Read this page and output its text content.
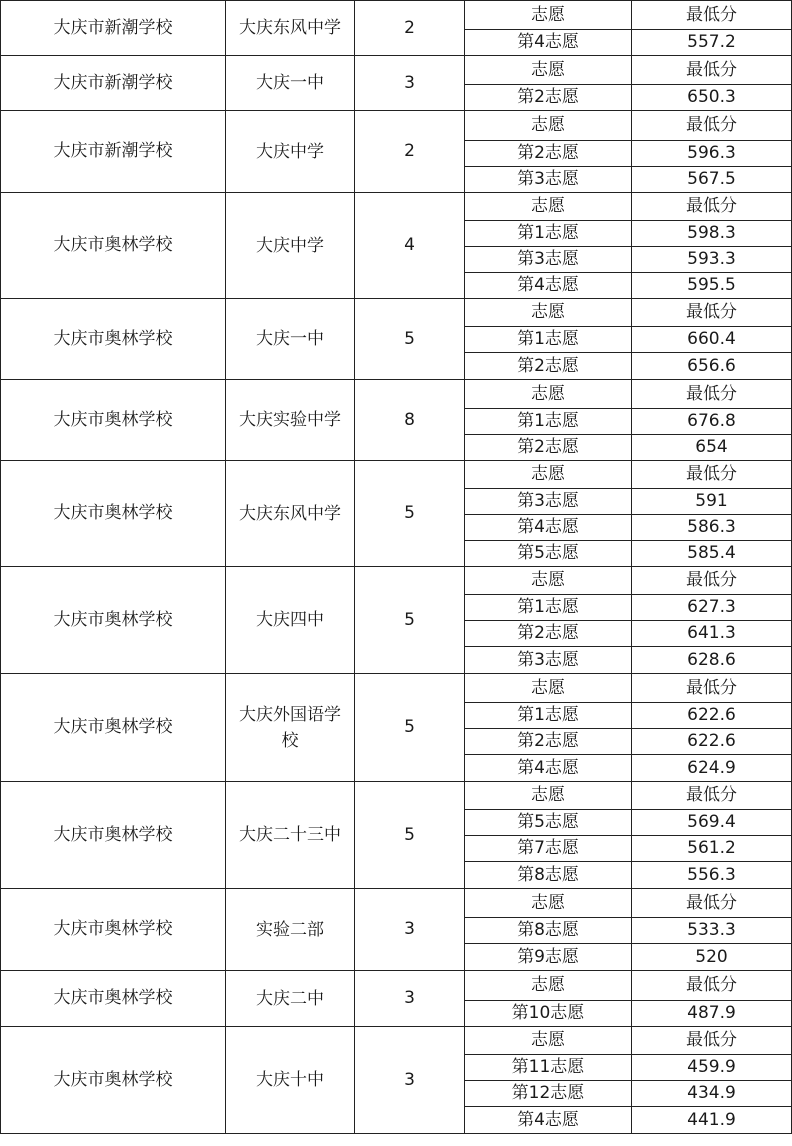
大庆市新潮学校	大庆东风中学	2	志愿	最低分
			第4志愿	557.2
大庆市新潮学校	大庆一中	3	志愿	最低分
			第2志愿	650.3
大庆市新潮学校	大庆中学	2	志愿	最低分
			第2志愿	596.3
			第3志愿	567.5
大庆市奥林学校	大庆中学	4	志愿	最低分
			第1志愿	598.3
			第3志愿	593.3
			第4志愿	595.5
大庆市奥林学校	大庆一中	5	志愿	最低分
			第1志愿	660.4
			第2志愿	656.6
大庆市奥林学校	大庆实验中学	8	志愿	最低分
			第1志愿	676.8
			第2志愿	654
大庆市奥林学校	大庆东风中学	5	志愿	最低分
			第3志愿	591
			第4志愿	586.3
			第5志愿	585.4
大庆市奥林学校	大庆四中	5	志愿	最低分
			第1志愿	627.3
			第2志愿	641.3
			第3志愿	628.6
大庆市奥林学校	大庆外国语学校	5	志愿	最低分
			第1志愿	622.6
			第2志愿	622.6
			第4志愿	624.9
大庆市奥林学校	大庆二十三中	5	志愿	最低分
			第5志愿	569.4
			第7志愿	561.2
			第8志愿	556.3
大庆市奥林学校	实验二部	3	志愿	最低分
			第8志愿	533.3
			第9志愿	520
大庆市奥林学校	大庆二中	3	志愿	最低分
			第10志愿	487.9
大庆市奥林学校	大庆十中	3	志愿	最低分
			第11志愿	459.9
			第12志愿	434.9
			第4志愿	441.9
